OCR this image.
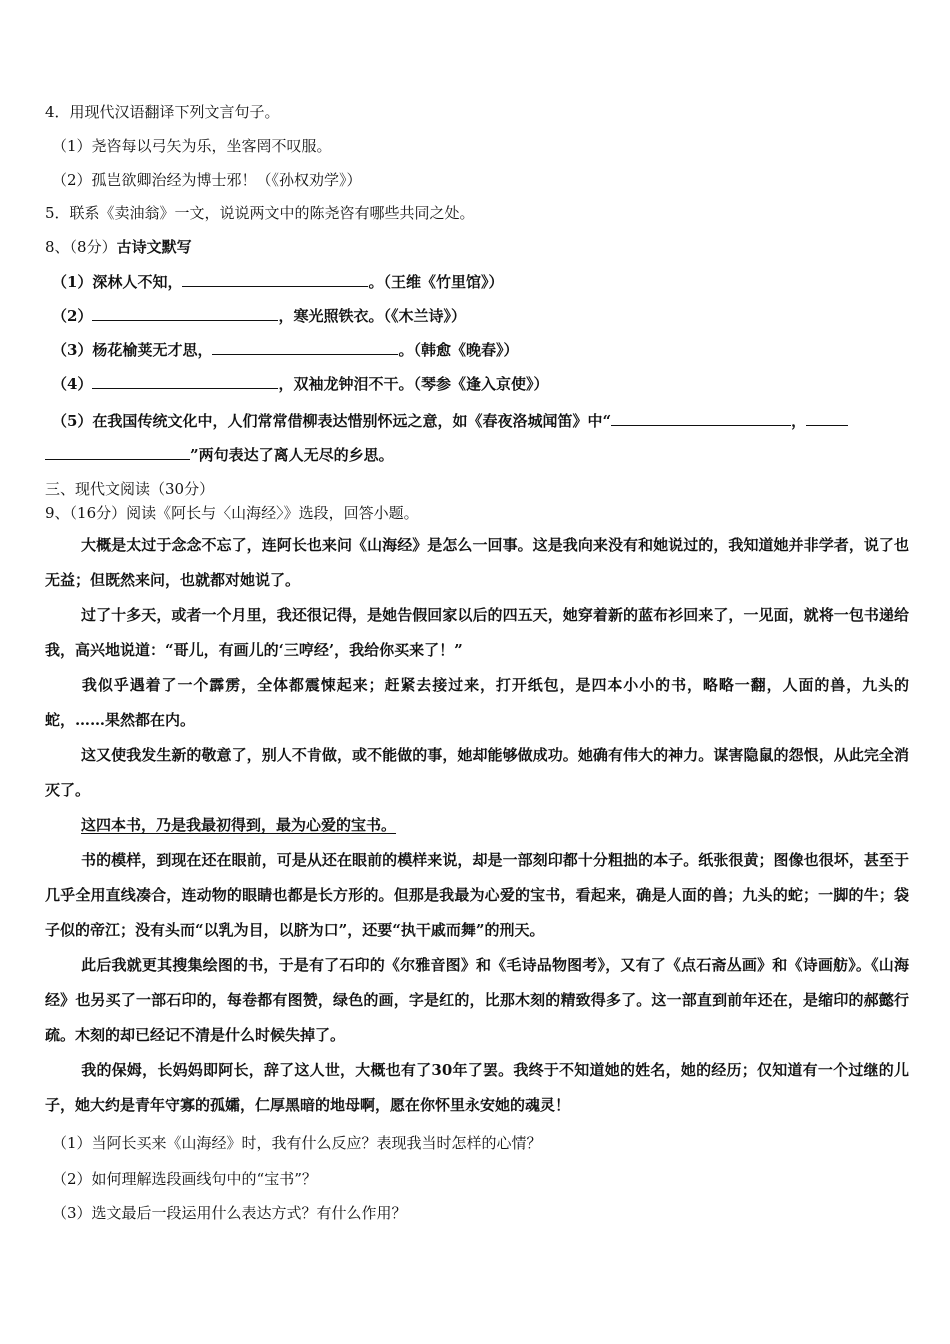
4．用现代汉语翻译下列文言句子。
（1）尧咨每以弓矢为乐，坐客罔不叹服。
（2）孤岂欲卿治经为博士邪！（《孙权劝学》）
5．联系《卖油翁》一文，说说两文中的陈尧咨有哪些共同之处。
8、（8分）古诗文默写
（1）深林人不知，	。（王维《竹里馆》）
（2）	，寒光照铁衣。（《木兰诗》）
（3）杨花榆荚无才思，	。（韩愈《晚春》）
（4）	，双袖龙钟泪不干。（琴参《逢入京使》）
（5）在我国传统文化中，人们常常借柳表达惜别怀远之意，如《春夜洛城闻笛》中“	，
”两句表达了离人无尽的乡思。
三、现代文阅读（30分）
9、（16分）阅读《阿长与〈山海经〉》选段，回答小题。
大概是太过于念念不忘了，连阿长也来问《山海经》是怎么一回事。这是我向来没有和她说过的，我知道她并非学者，说了也无益；但既然来问，也就都对她说了。
过了十多天，或者一个月里，我还很记得，是她告假回家以后的四五天，她穿着新的蓝布衫回来了，一见面，就将一包书递给我，高兴地说道：“哥儿，有画儿的‘三哼经’，我给你买来了！”
我似乎遇着了一个霹雳，全体都震悚起来；赶紧去接过来，打开纸包，是四本小小的书，略略一翻，人面的兽，九头的蛇，……果然都在内。
这又使我发生新的敬意了，别人不肯做，或不能做的事，她却能够做成功。她确有伟大的神力。谋害隐鼠的怨恨，从此完全消灭了。
这四本书，乃是我最初得到，最为心爱的宝书。
书的模样，到现在还在眼前，可是从还在眼前的模样来说，却是一部刻印都十分粗拙的本子。纸张很黄；图像也很坏，甚至于几乎全用直线凑合，连动物的眼睛也都是长方形的。但那是我最为心爱的宝书，看起来，确是人面的兽；九头的蛇；一脚的牛；袋子似的帝江；没有头而“以乳为目，以脐为口”，还要“执干戚而舞”的刑天。
此后我就更其搜集绘图的书，于是有了石印的《尔雅音图》和《毛诗品物图考》，又有了《点石斋丛画》和《诗画舫》。《山海经》也另买了一部石印的，每卷都有图赞，绿色的画，字是红的，比那木刻的精致得多了。这一部直到前年还在，是缩印的郝懿行疏。木刻的却已经记不清是什么时候失掉了。
我的保姆，长妈妈即阿长，辞了这人世，大概也有了30年了罢。我终于不知道她的姓名，她的经历；仅知道有一个过继的儿子，她大约是青年守寡的孤孀，仁厚黑暗的地母啊，愿在你怀里永安她的魂灵！
（1）当阿长买来《山海经》时，我有什么反应？表现我当时怎样的心情？
（2）如何理解选段画线句中的“宝书”？
（3）选文最后一段运用什么表达方式？有什么作用？
